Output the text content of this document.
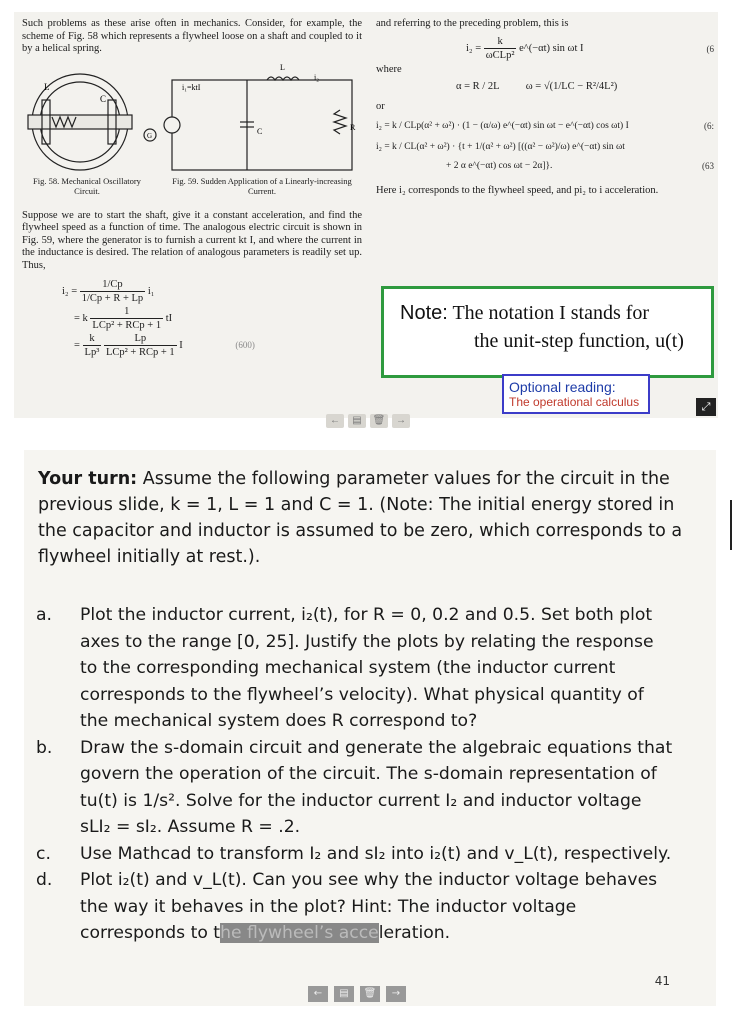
Such problems as these arise often in mechanics. Consider, for example, the scheme of Fig. 58 which represents a flywheel loose on a shaft and coupled to it by a helical spring.
L
C
G
i₁=ktI
L
i₂
R
C
Fig. 58. Mechanical Oscillatory Circuit.
Fig. 59. Sudden Application of a Linearly-increasing Current.
Suppose we are to start the shaft, give it a constant acceleration, and find the flywheel speed as a function of time. The analogous electric circuit is shown in Fig. 59, where the generator is to furnish a current kt I, and where the current in the inductance is desired. The relation of analogous parameters is readily set up. Thus,
$i_2 = \frac{1/Cp}{1/Cp + R + Lp} i_1$
= k $\frac{1}{\text{LCp² + RCp + 1}}$ tI
= $\frac{k}{\text{Lp³}}$
$\frac{Lp}{\text{LCp² + RCp + 1}}$ I	(600)
and referring to the preceding problem, this is
$i_2 = \frac{k}{\text{ωCLp²}}$ e^(−αt) sin ωt I	(6
where
α = R / 2L	ω = √(1/LC − R²/4L²)
or
i₂ = k / CLp(α² + ω²) · (1 − (α/ω) e^(−αt) sin ωt − e^(−αt) cos ωt) I	(6:
i₂ = k / CL(α² + ω²) · {t + 1/(α² + ω²) [((α² − ω²)/ω) e^(−αt) sin ωt
+ 2 α e^(−αt) cos ωt − 2α]}.	(63
Here i₂ corresponds to the flywheel speed, and pi₂ to i acceleration.
Note: The notation I stands for
the unit-step function, u(t)
Optional reading:
The operational calculus
←	▤	🗑	→
⤢
Your turn: Assume the following parameter values for the circuit in the previous slide, k = 1, L = 1 and C = 1. (Note: The initial energy stored in the capacitor and inductor is assumed to be zero, which corresponds to a flywheel initially at rest.).
a. Plot the inductor current, i₂(t), for R = 0, 0.2 and 0.5. Set both plot axes to the range [0, 25]. Justify the plots by relating the response to the corresponding mechanical system (the inductor current corresponds to the flywheel’s velocity). What physical quantity of the mechanical system does R correspond to?
b. Draw the s-domain circuit and generate the algebraic equations that govern the operation of the circuit. The s-domain representation of tu(t) is 1/s². Solve for the inductor current I₂ and inductor voltage sLI₂ = sI₂. Assume R = .2.
c. Use Mathcad to transform I₂ and sI₂ into i₂(t) and v_L(t), respectively.
d. Plot i₂(t) and v_L(t). Can you see why the inductor voltage behaves the way it behaves in the plot? Hint: The inductor voltage corresponds to the flywheel’s acceleration.
41
←	▤	🗑	→
